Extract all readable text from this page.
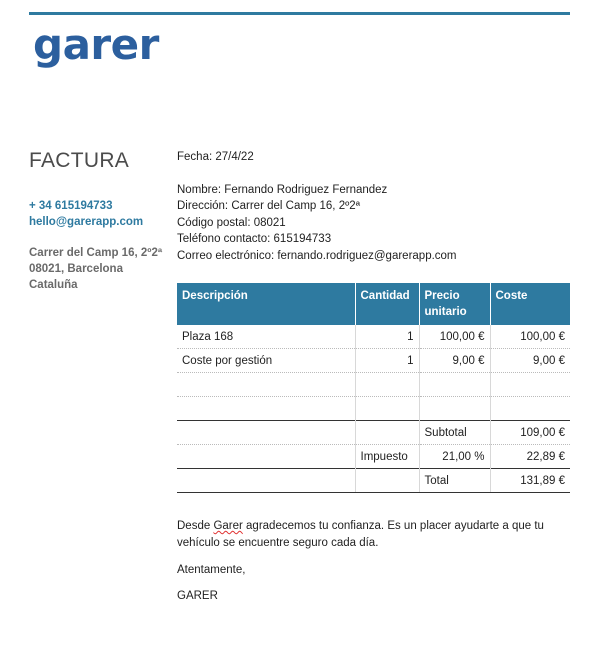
garer
FACTURA
+ 34 615194733
hello@garerapp.com
Carrer del Camp 16, 2º2ª
08021, Barcelona
Cataluña
Fecha: 27/4/22
Nombre: Fernando Rodriguez Fernandez
Dirección: Carrer del Camp 16, 2º2ª
Código postal: 08021
Teléfono contacto: 615194733
Correo electrónico: fernando.rodriguez@garerapp.com
Descripción	Cantidad	Precio unitario	Coste
Plaza 168	1	100,00 €	100,00 €
Coste por gestión	1	9,00 €	9,00 €

		Subtotal	109,00 €
	Impuesto	21,00 %	22,89 €
		Total	131,89 €
Desde Garer agradecemos tu confianza. Es un placer ayudarte a que tu vehículo se encuentre seguro cada día.
Atentamente,
GARER
